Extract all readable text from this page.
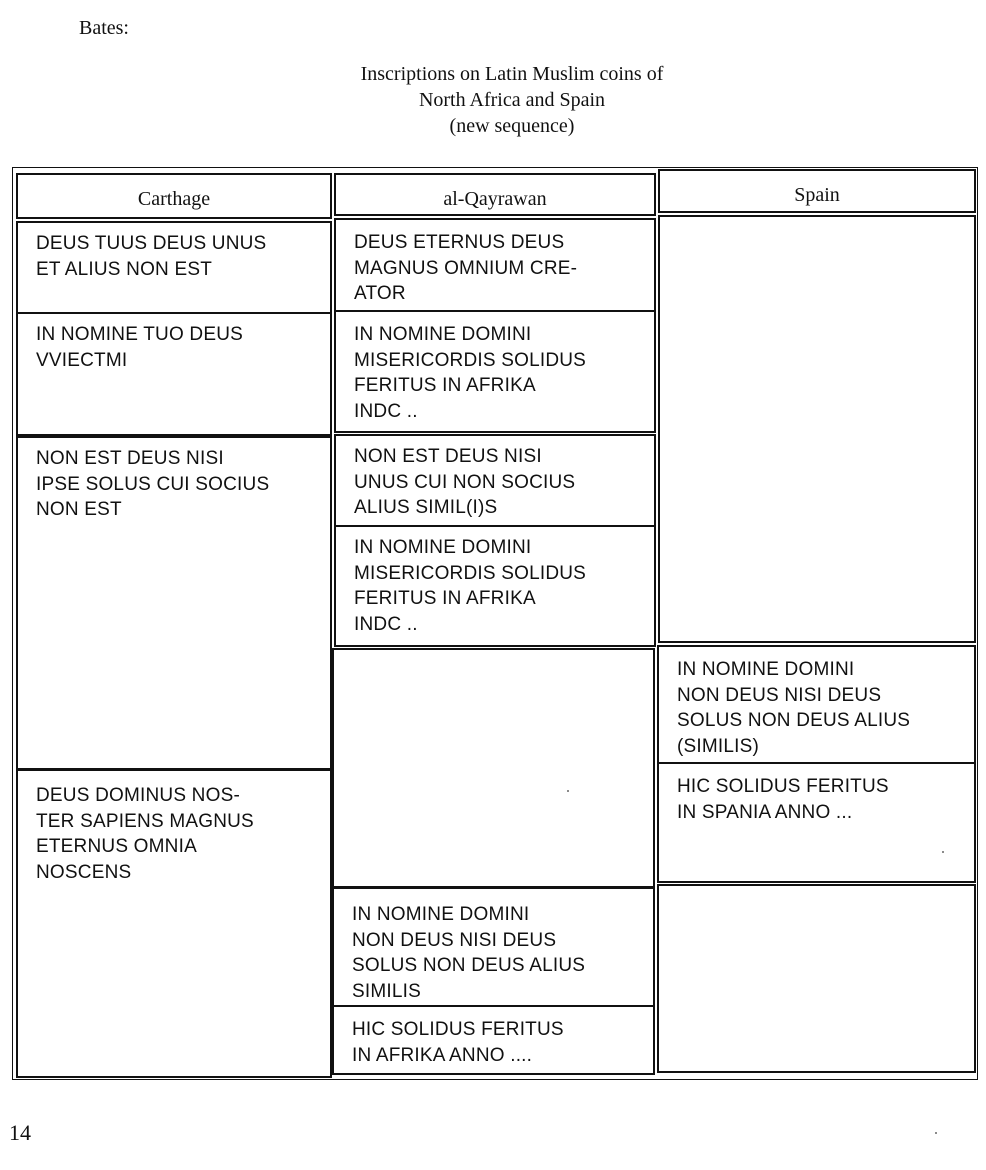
Bates:
Inscriptions on Latin Muslim coins of
North Africa and Spain
(new sequence)
Carthage	al-Qayrawan	Spain
DEUS TUUS DEUS UNUS
ET ALIUS NON EST
IN NOMINE TUO DEUS
VVIECTMI
NON EST DEUS NISI
IPSE SOLUS CUI SOCIUS
NON EST
DEUS DOMINUS NOS-
TER SAPIENS MAGNUS
ETERNUS OMNIA
NOSCENS
DEUS ETERNUS DEUS
MAGNUS OMNIUM CRE-
ATOR
IN NOMINE DOMINI
MISERICORDIS SOLIDUS
FERITUS IN AFRIKA
INDC ..
NON EST DEUS NISI
UNUS CUI NON SOCIUS
ALIUS SIMIL(I)S
IN NOMINE DOMINI
MISERICORDIS SOLIDUS
FERITUS IN AFRIKA
INDC ..
IN NOMINE DOMINI
NON DEUS NISI DEUS
SOLUS NON DEUS ALIUS
SIMILIS
HIC SOLIDUS FERITUS
IN AFRIKA ANNO ....
IN NOMINE DOMINI
NON DEUS NISI DEUS
SOLUS NON DEUS ALIUS
(SIMILIS)
HIC SOLIDUS FERITUS
IN SPANIA ANNO ...
14
